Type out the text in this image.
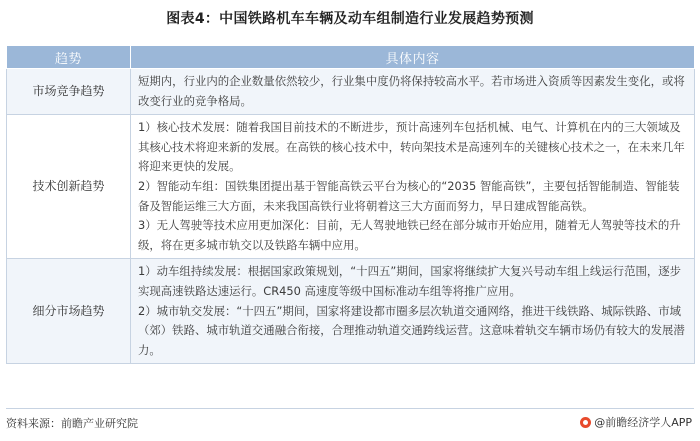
图表4：中国铁路机车车辆及动车组制造行业发展趋势预测
趋势	具体内容
市场竞争趋势	短期内，行业内的企业数量依然较少，行业集中度仍将保持较高水平。若市场进入资质等因素发生变化，或将改变行业的竞争格局。

技术创新趋势	1）核心技术发展：随着我国目前技术的不断进步，预计高速列车包括机械、电气、计算机在内的三大领域及其核心技术将迎来新的发展。在高铁的核心技术中，转向架技术是高速列车的关键核心技术之一，在未来几年将迎来更快的发展。

2）智能动车组：国铁集团提出基于智能高铁云平台为核心的“2035 智能高铁”，主要包括智能制造、智能装备及智能运维三大方面，未来我国高铁行业将朝着这三大方面而努力，早日建成智能高铁。

3）无人驾驶等技术应用更加深化：目前，无人驾驶地铁已经在部分城市开始应用，随着无人驾驶等技术的升级，将在更多城市轨交以及铁路车辆中应用。

细分市场趋势	1）动车组持续发展：根据国家政策规划，“十四五”期间，国家将继续扩大复兴号动车组上线运行范围，逐步实现高速铁路达速运行。CR450 高速度等级中国标准动车组等将推广应用。

2）城市轨交发展：“十四五”期间，国家将建设都市圈多层次轨道交通网络，推进干线铁路、城际铁路、市域（郊）铁路、城市轨道交通融合衔接，合理推动轨道交通跨线运营。这意味着轨交车辆市场仍有较大的发展潜力。

资料来源：前瞻产业研究院	@前瞻经济学人APP
